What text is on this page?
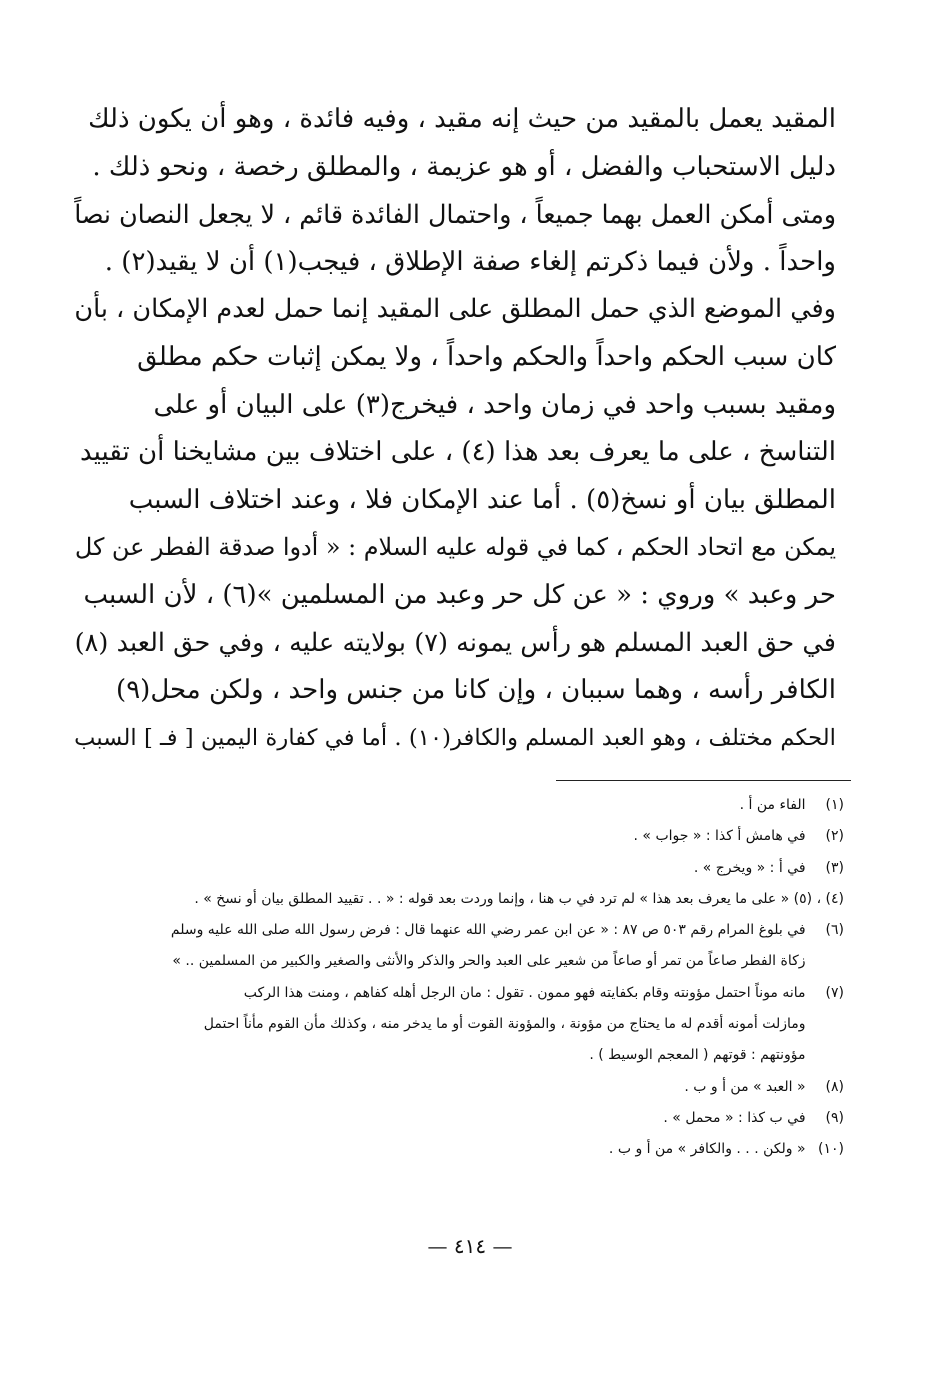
المقيد يعمل بالمقيد من حيث إنه مقيد ، وفيه فائدة ، وهو أن يكون ذلك
دليل الاستحباب والفضل ، أو هو عزيمة ، والمطلق رخصة ، ونحو ذلك .
ومتى أمكن العمل بهما جميعاً ، واحتمال الفائدة قائم ، لا يجعل النصان نصاً
واحداً . ولأن فيما ذكرتم إلغاء صفة الإطلاق ، فيجب(١) أن لا يقيد(٢) .
وفي الموضع الذي حمل المطلق على المقيد إنما حمل لعدم الإمكان ، بأن
كان سبب الحكم واحداً والحكم واحداً ، ولا يمكن إثبات حكم مطلق
ومقيد بسبب واحد في زمان واحد ، فيخرج(٣) على البيان أو على
التناسخ ، على ما يعرف بعد هذا (٤) ، على اختلاف بين مشايخنا أن تقييد
المطلق بيان أو نسخ(٥) . أما عند الإمكان فلا ، وعند اختلاف السبب
يمكن مع اتحاد الحكم ، كما في قوله عليه السلام : « أدوا صدقة الفطر عن كل
حر وعبد » وروي : « عن كل حر وعبد من المسلمين »(٦) ، لأن السبب
في حق العبد المسلم هو رأس يمونه (٧) بولايته عليه ، وفي حق العبد (٨)
الكافر رأسه ، وهما سببان ، وإن كانا من جنس واحد ، ولكن محل(٩)
الحكم مختلف ، وهو العبد المسلم والكافر(١٠) . أما في كفارة اليمين [ فـ ] السبب
(١) الفاء من أ .
(٢) في هامش أ كذا : « جواب » .
(٣) في أ : « ويخرج » .
(٤) ، (٥) « على ما يعرف بعد هذا » لم ترد في ب هنا ، وإنما وردت بعد قوله : « . . تقييد المطلق بيان أو نسخ » .
(٦) في بلوغ المرام رقم ٥٠٣ ص ٨٧ : « عن ابن عمر رضي الله عنهما قال : فرض رسول الله صلى الله عليه وسلم
زكاة الفطر صاعاً من تمر أو صاعاً من شعير على العبد والحر والذكر والأنثى والصغير والكبير من المسلمين .. »
(٧) مانه موناً احتمل مؤونته وقام بكفايته فهو ممون . تقول : مان الرجل أهله كفاهم ، ومنت هذا الركب
ومازلت أمونه أقدم له ما يحتاج من مؤونة ، والمؤونة القوت أو ما يدخر منه ، وكذلك مأن القوم مأناً احتمل
مؤونتهم : قوتهم ( المعجم الوسيط ) .
(٨) « العبد » من أ و ب .
(٩) في ب كذا : « محمل » .
(١٠) « ولكن . . . والكافر » من أ و ب .
— ٤١٤ —
